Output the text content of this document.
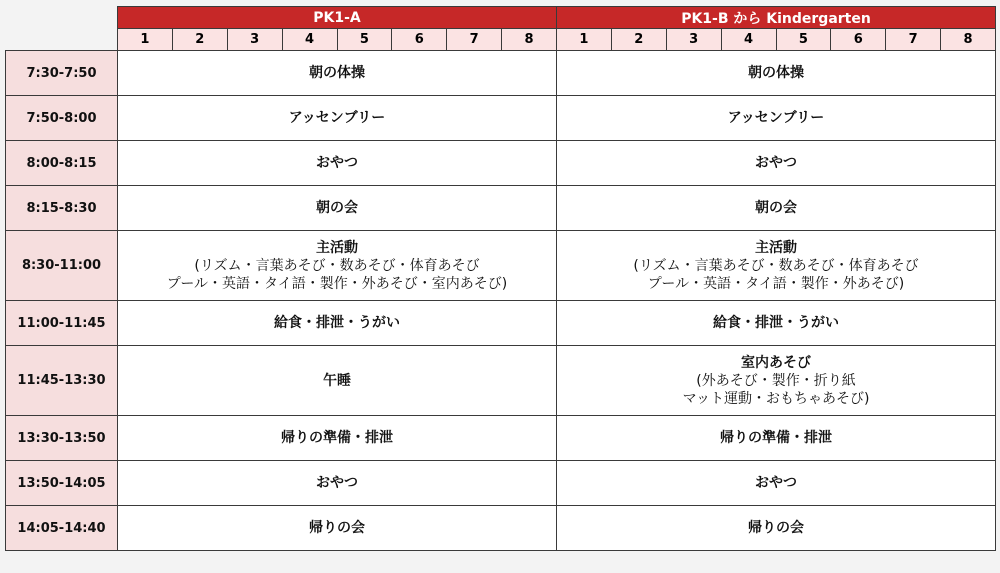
	PK1-A								PK1-B から Kindergarten							
	1	2	3	4	5	6	7	8	1	2	3	4	5	6	7	8
7:30-7:50	朝の体操								朝の体操							

7:50-8:00	アッセンブリー								アッセンブリー							

8:00-8:15	おやつ								おやつ							

8:15-8:30	朝の会								朝の会							

8:30-11:00	主活動
(リズム・言葉あそび・数あそび・体育あそび
プール・英語・タイ語・製作・外あそび・室内あそび)								主活動
(リズム・言葉あそび・数あそび・体育あそび
プール・英語・タイ語・製作・外あそび)							

11:00-11:45	給食・排泄・うがい								給食・排泄・うがい							

11:45-13:30	午睡								室内あそび
(外あそび・製作・折り紙
マット運動・おもちゃあそび)							

13:30-13:50	帰りの準備・排泄								帰りの準備・排泄							

13:50-14:05	おやつ								おやつ							

14:05-14:40	帰りの会								帰りの会							
